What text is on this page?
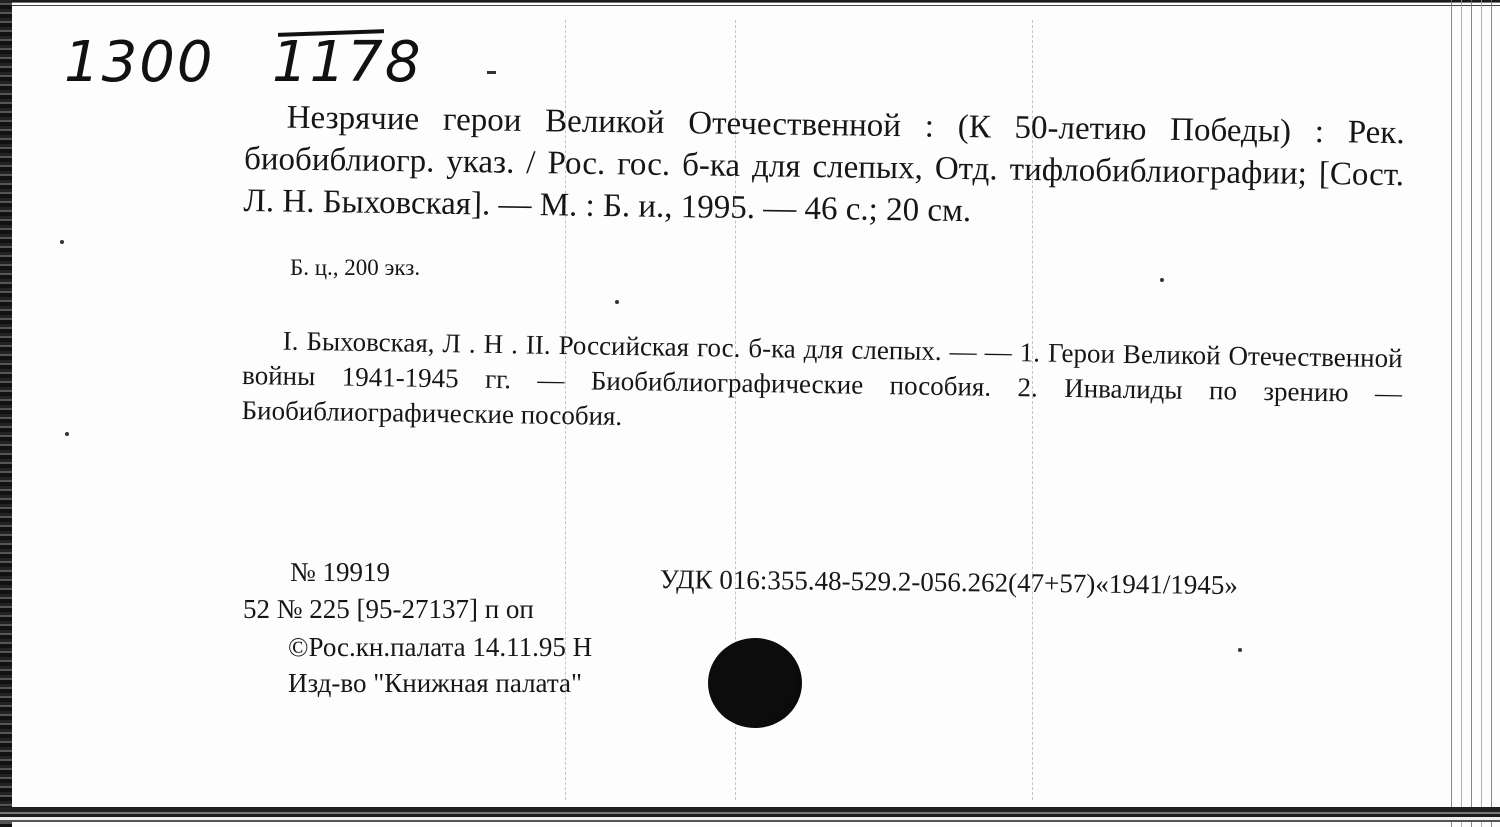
1300 1178

Незрячие герои Великой Отечественной : (К 50-летию Победы) : Рек. биобиблиогр. указ. / Рос. гос. б-ка для слепых, Отд. тифлобиблиографии; [Сост. Л. Н. Быховская]. — М. : Б. и., 1995. — 46 с.; 20 см.

Б. ц., 200 экз.

I. Быховская, Л . Н . II. Российская гос. б-ка для слепых. — — 1. Герои Великой Отечественной войны 1941-1945 гг. — Биобиблиографические пособия. 2. Инвалиды по зрению — Биобиблиографические пособия.

№ 19919	УДК 016:355.48-529.2-056.262(47+57)«1941/1945»
52 № 225 [95-27137] п оп
©Рос.кн.палата 14.11.95 Н
Изд-во "Книжная палата"
